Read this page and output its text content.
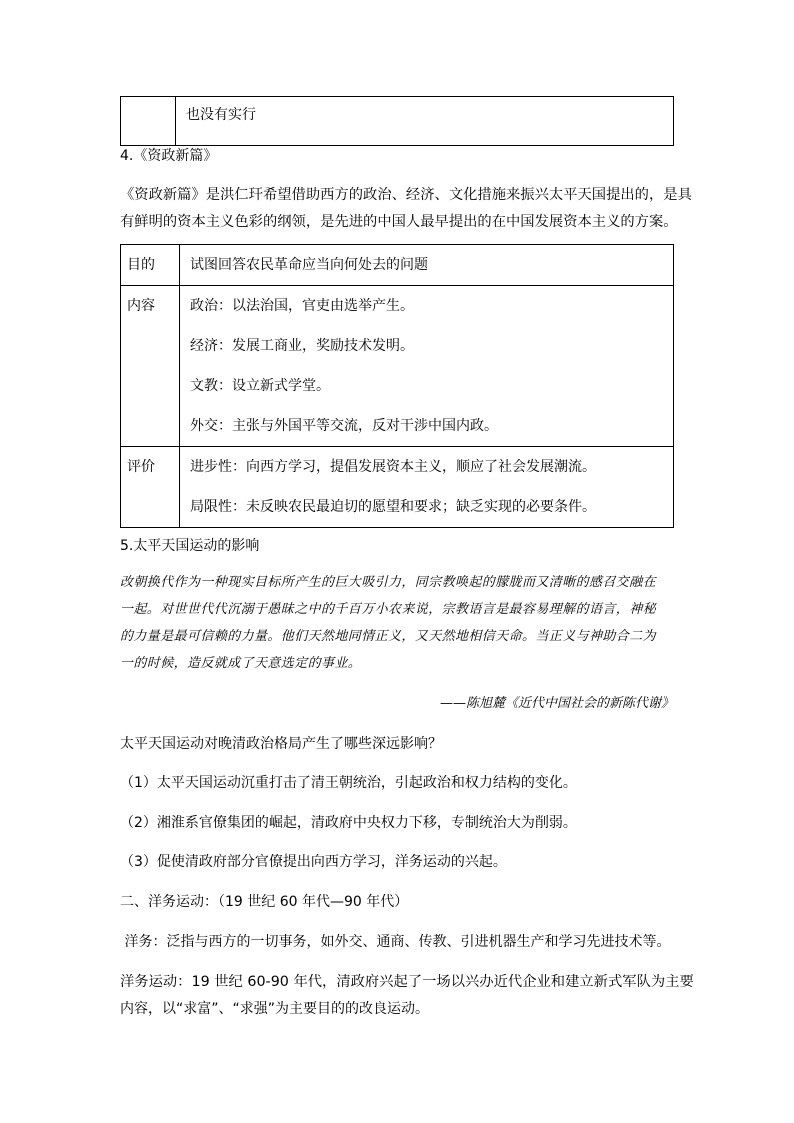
	也没有实行
4.《资政新篇》
《资政新篇》是洪仁玕希望借助西方的政治、经济、文化措施来振兴太平天国提出的，是具
有鲜明的资本主义色彩的纲领，是先进的中国人最早提出的在中国发展资本主义的方案。
目的	试图回答农民革命应当向何处去的问题

内容	政治：以法治国，官吏由选举产生。

经济：发展工商业，奖励技术发明。

文教：设立新式学堂。

外交：主张与外国平等交流，反对干涉中国内政。

评价	进步性：向西方学习，提倡发展资本主义，顺应了社会发展潮流。

局限性：未反映农民最迫切的愿望和要求；缺乏实现的必要条件。

5.太平天国运动的影响
改朝换代作为一种现实目标所产生的巨大吸引力，同宗教唤起的朦胧而又清晰的感召交融在
一起。对世世代代沉溺于愚昧之中的千百万小农来说，宗教语言是最容易理解的语言，神秘
的力量是最可信赖的力量。他们天然地同情正义，又天然地相信天命。当正义与神助合二为
一的时候，造反就成了天意选定的事业。
——陈旭麓《近代中国社会的新陈代谢》
太平天国运动对晚清政治格局产生了哪些深远影响？
（1）太平天国运动沉重打击了清王朝统治，引起政治和权力结构的变化。
（2）湘淮系官僚集团的崛起，清政府中央权力下移，专制统治大为削弱。
（3）促使清政府部分官僚提出向西方学习，洋务运动的兴起。
二、洋务运动：（19 世纪 60 年代—90 年代）
洋务：泛指与西方的一切事务，如外交、通商、传教、引进机器生产和学习先进技术等。
洋务运动：19 世纪 60-90 年代，清政府兴起了一场以兴办近代企业和建立新式军队为主要
内容，以“求富”、“求强”为主要目的的改良运动。
